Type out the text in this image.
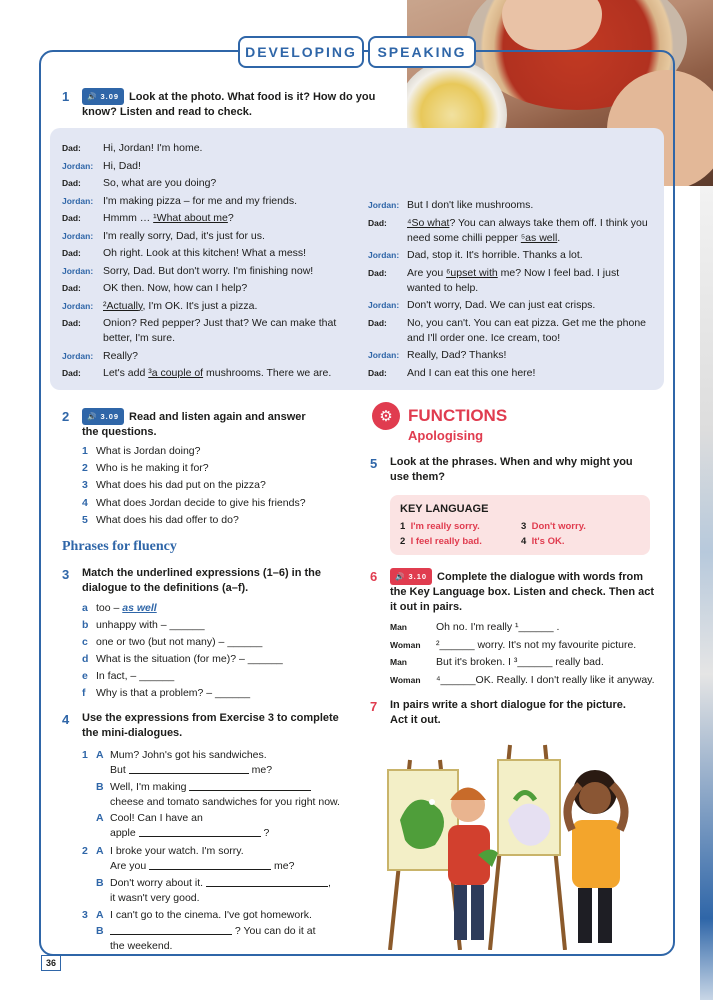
DEVELOPING SPEAKING
1	🔊 3.09 Look at the photo. What food is it? How do you
know? Listen and read to check.
Dad: Hi, Jordan! I'm home.
Jordan: Hi, Dad!
Dad: So, what are you doing?
Jordan: I'm making pizza – for me and my friends.
Dad: Hmmm … ¹What about me?
Jordan: I'm really sorry, Dad, it's just for us.
Dad: Oh right. Look at this kitchen! What a mess!
Jordan: Sorry, Dad. But don't worry. I'm finishing now!
Dad: OK then. Now, how can I help?
Jordan: ²Actually, I'm OK. It's just a pizza.
Dad: Onion? Red pepper? Just that? We can make that
better, I'm sure.
Jordan: Really?
Dad: Let's add ³a couple of mushrooms. There we are.
Jordan: But I don't like mushrooms.
Dad: ⁴So what? You can always take them off. I think you
need some chilli pepper ⁵as well.
Jordan: Dad, stop it. It's horrible. Thanks a lot.
Dad: Are you ⁶upset with me? Now I feel bad. I just
wanted to help.
Jordan: Don't worry, Dad. We can just eat crisps.
Dad: No, you can't. You can eat pizza. Get me the phone
and I'll order one. Ice cream, too!
Jordan: Really, Dad? Thanks!
Dad: And I can eat this one here!
2	🔊 3.09 Read and listen again and answer
the questions.
1 What is Jordan doing?
2 Who is he making it for?
3 What does his dad put on the pizza?
4 What does Jordan decide to give his friends?
5 What does his dad offer to do?
Phrases for fluency
3 Match the underlined expressions (1–6) in the
dialogue to the definitions (a–f).
a too – as well
b unhappy with – ______
c one or two (but not many) – ______
d What is the situation (for me)? – ______
e In fact, – ______
f Why is that a problem? – ______
4 Use the expressions from Exercise 3 to complete
the mini-dialogues.
1 A Mum? John's got his sandwiches.
But	me?
B Well, I'm making
cheese and tomato sandwiches for you right now.
A Cool! Can I have an
apple	?
2 A I broke your watch. I'm sorry.
Are you	me?
B Don't worry about it.	,
it wasn't very good.
3 A I can't go to the cinema. I've got homework.
B	? You can do it at
the weekend.
⚙ FUNCTIONS
Apologising
5 Look at the phrases. When and why might you
use them?
KEY LANGUAGE
1 I'm really sorry.
2 I feel really bad.
3 Don't worry.
4 It's OK.
6	🔊 3.10 Complete the dialogue with words from
the Key Language box. Listen and check. Then act
it out in pairs.
Man	Oh no. I'm really ¹______ .
Woman ²______ worry. It's not my favourite picture.
Man	But it's broken. I ³______ really bad.
Woman ⁴______OK. Really. I don't really like it anyway.
7 In pairs write a short dialogue for the picture.
Act it out.
36
